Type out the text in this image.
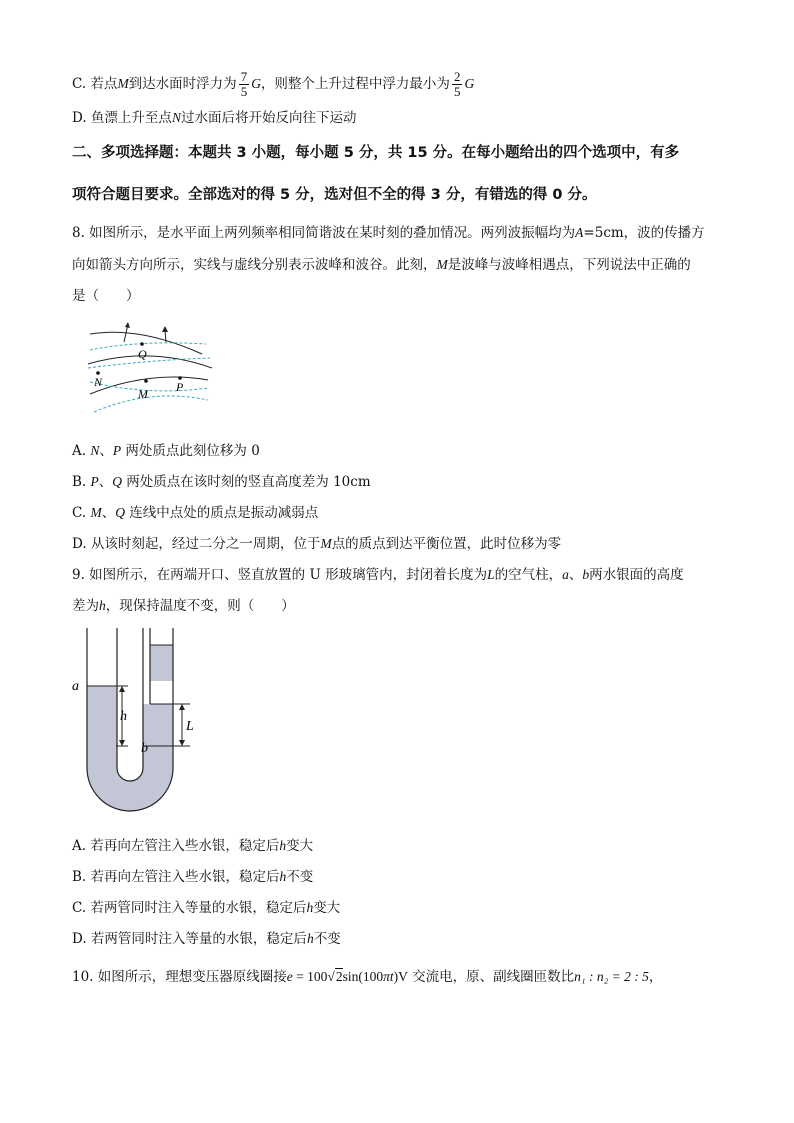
C. 若点M到达水面时浮力为 $\frac{7}{5}$ G，则整个上升过程中浮力最小为 $\frac{2}{5}$ G
D. 鱼漂上升至点N过水面后将开始反向往下运动
二、多项选择题：本题共 3 小题，每小题 5 分，共 15 分。在每小题给出的四个选项中，有多
项符合题目要求。全部选对的得 5 分，选对但不全的得 3 分，有错选的得 0 分。
8. 如图所示，是水平面上两列频率相同简谐波在某时刻的叠加情况。两列波振幅均为A=5cm，波的传播方
向如箭头方向所示，实线与虚线分别表示波峰和波谷。此刻，M是波峰与波峰相遇点，下列说法中正确的
是（　　）
Q
N
M P
A. N、P 两处质点此刻位移为 0
B. P、Q 两处质点在该时刻的竖直高度差为 10cm
C. M、Q 连线中点处的质点是振动减弱点
D. 从该时刻起，经过二分之一周期，位于M点的质点到达平衡位置，此时位移为零
9. 如图所示，在两端开口、竖直放置的 U 形玻璃管内，封闭着长度为L的空气柱，a、b两水银面的高度
差为h，现保持温度不变，则（　　）
a
h
b
L
A. 若再向左管注入些水银，稳定后h变大
B. 若再向左管注入些水银，稳定后h不变
C. 若两管同时注入等量的水银，稳定后h变大
D. 若两管同时注入等量的水银，稳定后h不变
10. 如图所示，理想变压器原线圈接e = 100√2sin(100πt)V 交流电，原、副线圈匝数比n₁ : n₂ = 2 : 5，
